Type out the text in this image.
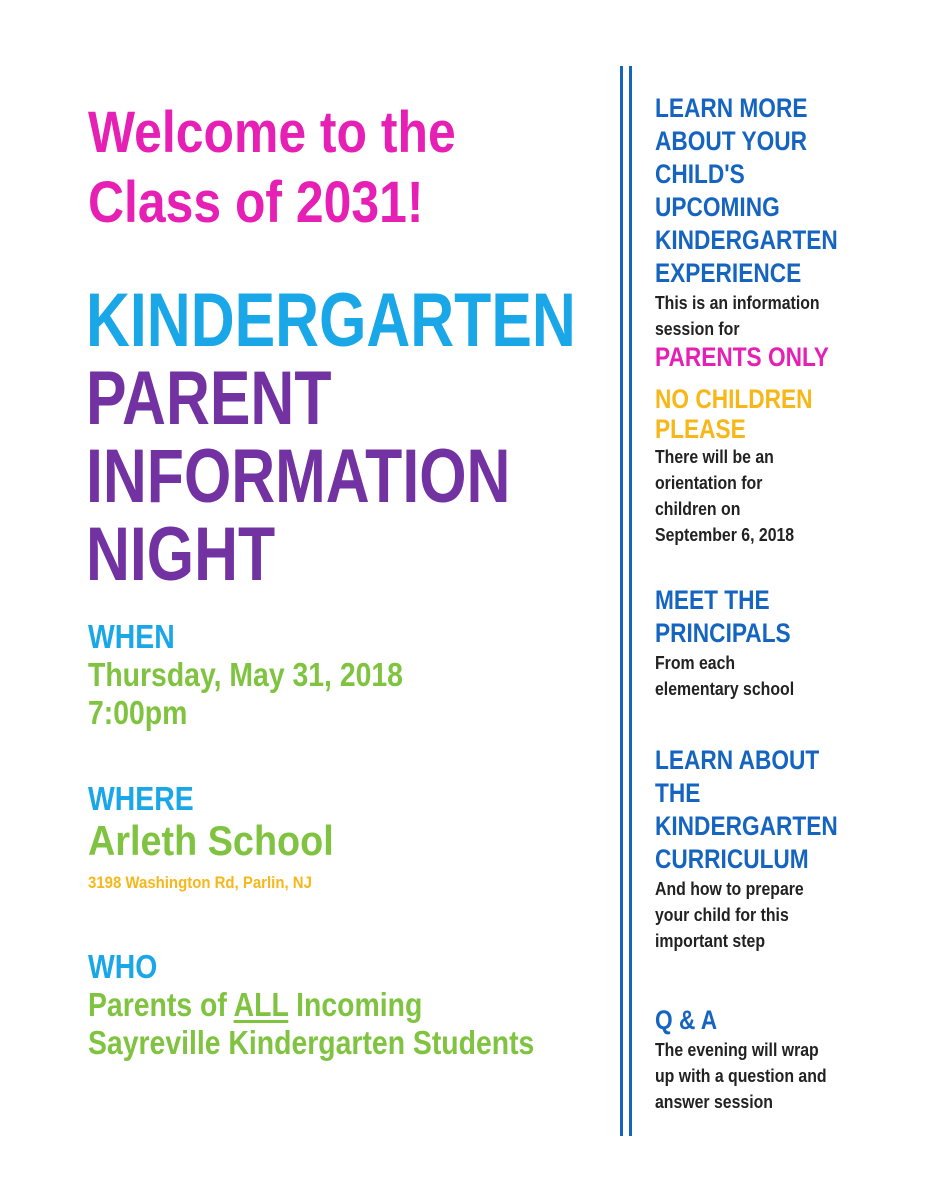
Welcome to the
Class of 2031!
KINDERGARTEN
PARENT
INFORMATION
NIGHT
WHEN
Thursday, May 31, 2018
7:00pm
WHERE
Arleth School
3198 Washington Rd, Parlin, NJ
WHO
Parents of ALL Incoming
Sayreville Kindergarten Students
LEARN MORE
ABOUT YOUR
CHILD'S
UPCOMING
KINDERGARTEN
EXPERIENCE
This is an information
session for
PARENTS ONLY
NO CHILDREN
PLEASE
There will be an
orientation for
children on
September 6, 2018
MEET THE
PRINCIPALS
From each
elementary school
LEARN ABOUT
THE
KINDERGARTEN
CURRICULUM
And how to prepare
your child for this
important step
Q & A
The evening will wrap
up with a question and
answer session
